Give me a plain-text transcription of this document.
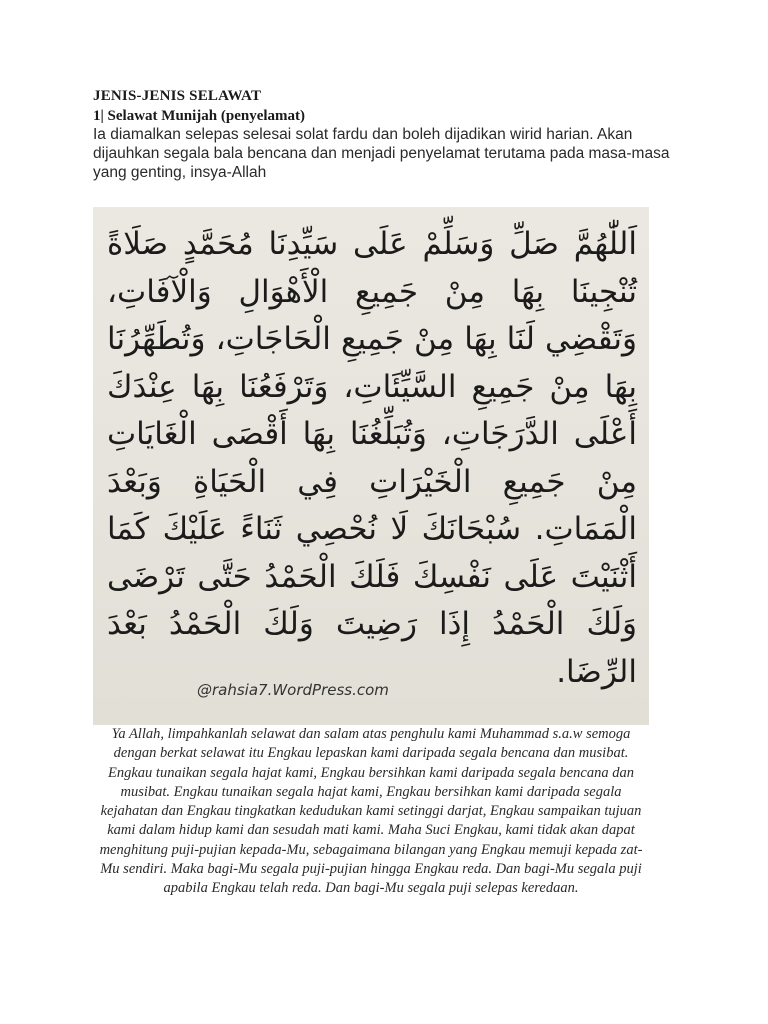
JENIS-JENIS SELAWAT
1| Selawat Munijah (penyelamat)
Ia diamalkan selepas selesai solat fardu dan boleh dijadikan wirid harian. Akan dijauhkan segala bala bencana dan menjadi penyelamat terutama pada masa-masa yang genting, insya-Allah
اَللّٰهُمَّ صَلِّ وَسَلِّمْ عَلَى سَيِّدِنَا مُحَمَّدٍ صَلَاةً تُنْجِينَا بِهَا مِنْ جَمِيعِ الْأَهْوَالِ وَالْآفَاتِ، وَتَقْضِي لَنَا بِهَا مِنْ جَمِيعِ الْحَاجَاتِ، وَتُطَهِّرُنَا بِهَا مِنْ جَمِيعِ السَّيِّئَاتِ، وَتَرْفَعُنَا بِهَا عِنْدَكَ أَعْلَى الدَّرَجَاتِ، وَتُبَلِّغُنَا بِهَا أَقْصَى الْغَايَاتِ مِنْ جَمِيعِ الْخَيْرَاتِ فِي الْحَيَاةِ وَبَعْدَ الْمَمَاتِ. سُبْحَانَكَ لَا نُحْصِي ثَنَاءً عَلَيْكَ كَمَا أَثْنَيْتَ عَلَى نَفْسِكَ فَلَكَ الْحَمْدُ حَتَّى تَرْضَى وَلَكَ الْحَمْدُ إِذَا رَضِيتَ وَلَكَ الْحَمْدُ بَعْدَ الرِّضَا.
@rahsia7.WordPress.com
Ya Allah, limpahkanlah selawat dan salam atas penghulu kami Muhammad s.a.w semoga dengan berkat selawat itu Engkau lepaskan kami daripada segala bencana dan musibat. Engkau tunaikan segala hajat kami, Engkau bersihkan kami daripada segala bencana dan musibat. Engkau tunaikan segala hajat kami, Engkau bersihkan kami daripada segala kejahatan dan Engkau tingkatkan kedudukan kami setinggi darjat, Engkau sampaikan tujuan kami dalam hidup kami dan sesudah mati kami. Maha Suci Engkau, kami tidak akan dapat menghitung puji-pujian kepada-Mu, sebagaimana bilangan yang Engkau memuji kepada zat-Mu sendiri. Maka bagi-Mu segala puji-pujian hingga Engkau reda. Dan bagi-Mu segala puji apabila Engkau telah reda. Dan bagi-Mu segala puji selepas keredaan.
